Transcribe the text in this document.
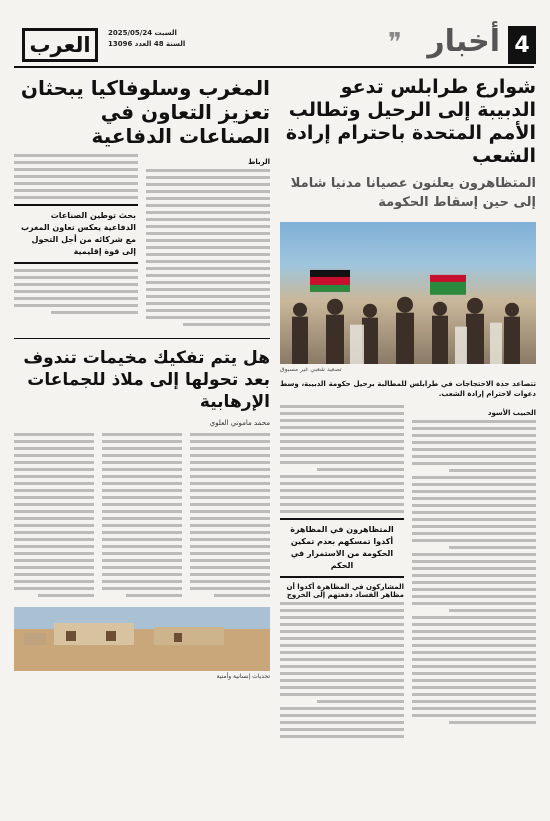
4
أخبار
❞
العرب	السبت 2025/05/24
السنة 48 العدد 13096
شوارع طرابلس تدعو الدبيبة إلى الرحيل وتطالب الأمم المتحدة باحترام إرادة الشعب
المتظاهرون يعلنون عصيانا مدنيا شاملا إلى حين إسقاط الحكومة
تصعيد شعبي غير مسبوق
تتصاعد حدة الاحتجاجات في طرابلس للمطالبة برحيل حكومة الدبيبة، وسط دعوات لاحترام إرادة الشعب.
الحبيب الأسود
المتظاهرون في المظاهرة أكدوا تمسكهم بعدم تمكين الحكومة من الاستمرار في الحكم
المشاركون في المظاهرة أكدوا أن مظاهر الفساد دفعتهم إلى الخروج
المغرب وسلوفاكيا يبحثان تعزيز التعاون في الصناعات الدفاعية
الرباط
بحث توطين الصناعات الدفاعية يعكس تعاون المغرب مع شركائه من أجل التحول إلى قوة إقليمية
هل يتم تفكيك مخيمات تندوف بعد تحولها إلى ملاذ للجماعات الإرهابية
محمد ماموني العلوي
تحديات إنسانية وأمنية
